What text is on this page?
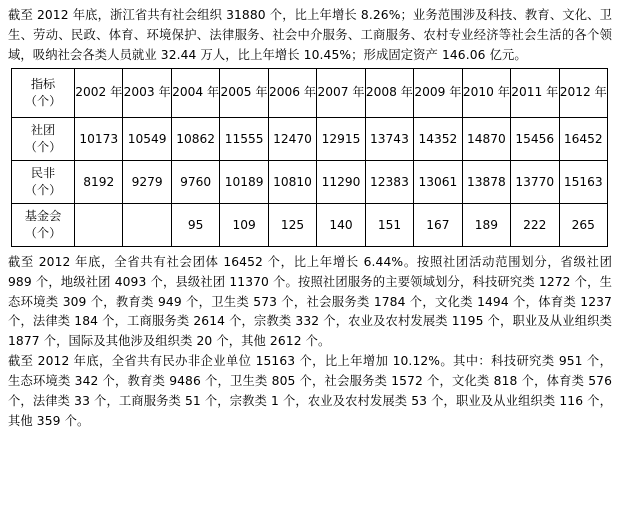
截至 2012 年底，浙江省共有社会组织 31880 个，比上年增长 8.26%；业务范围涉及科技、教育、文化、卫生、劳动、民政、体育、环境保护、法律服务、社会中介服务、工商服务、农村专业经济等社会生活的各个领域，吸纳社会各类人员就业 32.44 万人，比上年增长 10.45%；形成固定资产 146.06 亿元。

指标
（个）	2002 年	2003 年	2004 年	2005 年	2006 年	2007 年	2008 年	2009 年	2010 年	2011 年	2012 年

社团
（个）	10173	10549	10862	11555	12470	12915	13743	14352	14870	15456	16452

民非
（个）	8192	9279	9760	10189	10810	11290	12383	13061	13878	13770	15163

基金会
（个）			95	109	125	140	151	167	189	222	265

截至 2012 年底，全省共有社会团体 16452 个，比上年增长 6.44%。按照社团活动范围划分，省级社团 989 个，地级社团 4093 个，县级社团 11370 个。按照社团服务的主要领域划分，科技研究类 1272 个，生态环境类 309 个，教育类 949 个，卫生类 573 个，社会服务类 1784 个，文化类 1494 个，体育类 1237 个，法律类 184 个，工商服务类 2614 个，宗教类 332 个，农业及农村发展类 1195 个，职业及从业组织类 1877 个，国际及其他涉及组织类 20 个，其他 2612 个。

截至 2012 年底，全省共有民办非企业单位 15163 个，比上年增加 10.12%。其中：科技研究类 951 个，生态环境类 342 个，教育类 9486 个，卫生类 805 个，社会服务类 1572 个，文化类 818 个，体育类 576 个，法律类 33 个，工商服务类 51 个，宗教类 1 个，农业及农村发展类 53 个，职业及从业组织类 116 个，其他 359 个。
